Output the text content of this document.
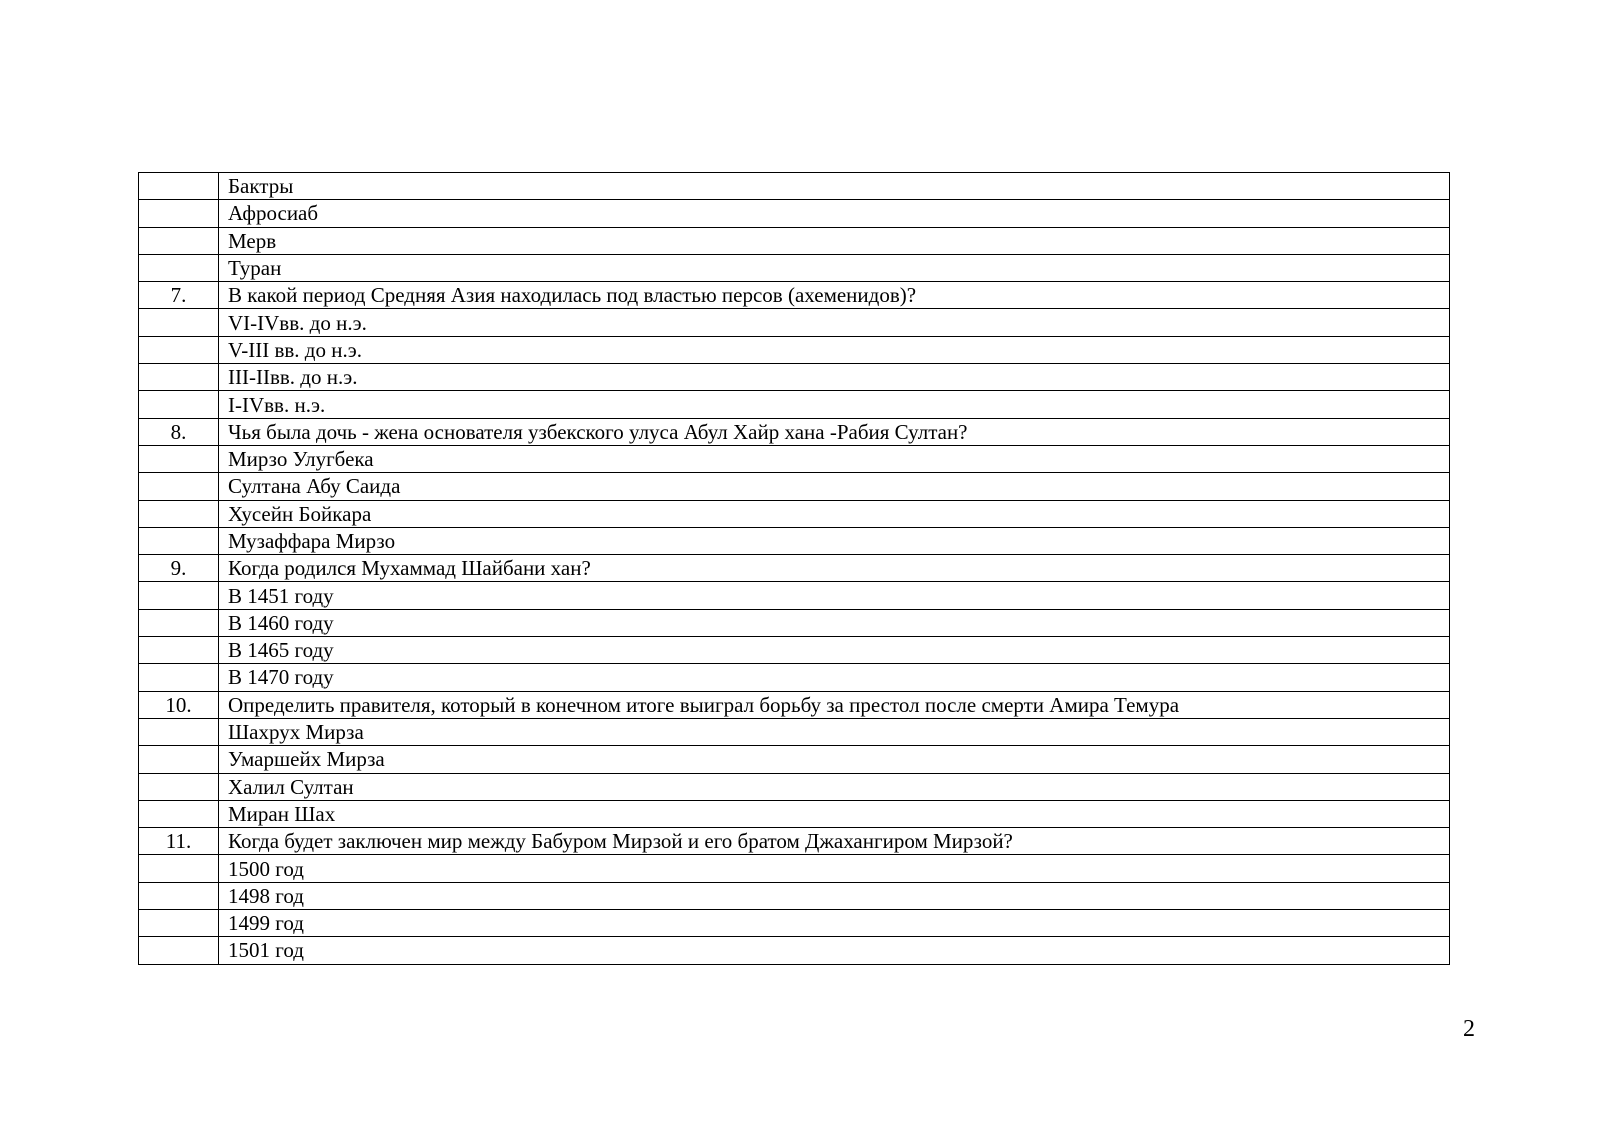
	Бактры
	Афросиаб
	Мерв
	Туран
7.	В какой период Средняя Азия находилась под властью персов (ахеменидов)?
	VI-IVвв. до н.э.
	V-III вв. до н.э.
	III-IIвв. до н.э.
	I-IVвв. н.э.
8.	Чья была дочь - жена основателя узбекского улуса Абул Хайр хана -Рабия Султан?
	Мирзо Улугбека
	Султана Абу Саида
	Хусейн Бойкара
	Музаффара Мирзо
9.	Когда родился Мухаммад Шайбани хан?
	В 1451 году
	В 1460 году
	В 1465 году
	В 1470 году
10.	Определить правителя, который в конечном итоге выиграл борьбу за престол после смерти Амира Темура
	Шахрух Мирза
	Умаршейх Мирза
	Халил Султан
	Миран Шах
11.	Когда будет заключен мир между Бабуром Мирзой и его братом Джахангиром Мирзой?
	1500 год
	1498 год
	1499 год
	1501 год
2
